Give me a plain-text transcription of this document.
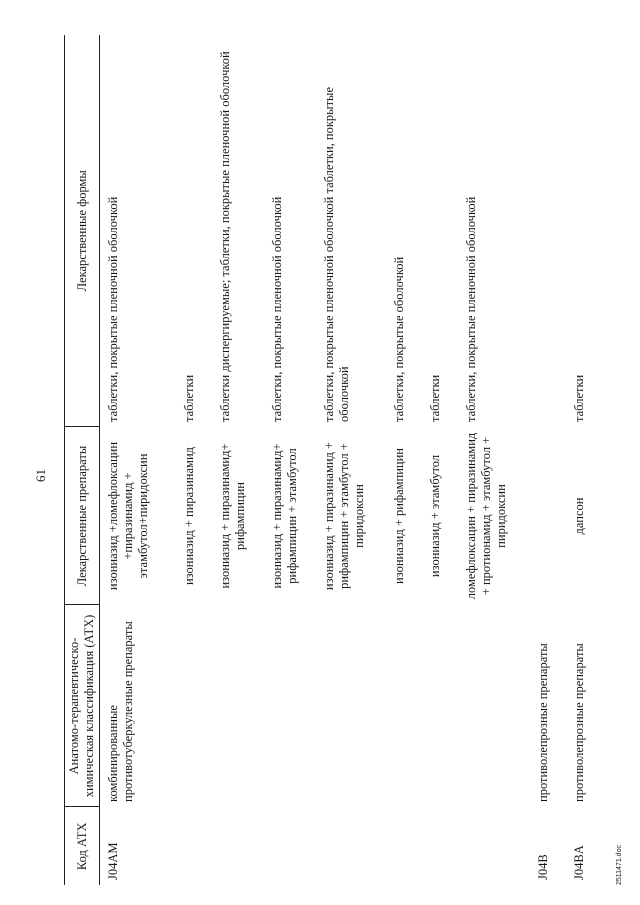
61
Код АТХ	Анатомо-терапевтическо-химическая классификация (АТХ)	Лекарственные препараты	Лекарственные формы
J04AM	комбинированные противотуберкулезные препараты	изониазид +ломефлоксацин +пиразинамид + этамбутол+пиридоксин	таблетки, покрытые пленочной оболочкой
		изониазид + пиразинамид	таблетки
		изониазид + пиразинамид+ рифампицин	таблетки диспергируемые; таблетки, покрытые пленочной оболочкой
		изониазид + пиразинамид+ рифампицин + этамбутол	таблетки, покрытые пленочной оболочкой
		изониазид + пиразинамид + рифампицин + этамбутол + пиридоксин	таблетки, покрытые пленочной оболочкой таблетки, покрытые оболочкой
		изониазид + рифампицин	таблетки, покрытые оболочкой
		изониазид + этамбутол	таблетки
		ломефлоксацин + пиразинамид + протионамид + этамбутол + пиридоксин	таблетки, покрытые пленочной оболочкой
J04B	противолепрозные препараты		
J04BA	противолепрозные препараты	дапсон	таблетки
2511471.doc
